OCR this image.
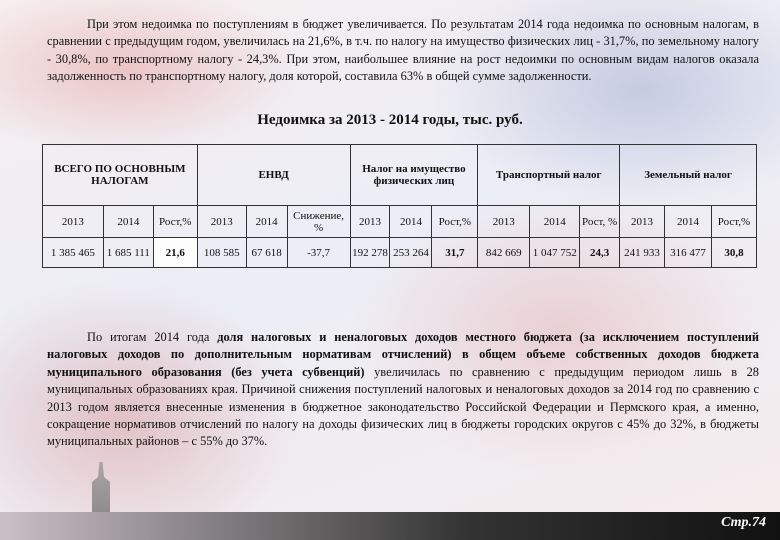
При этом недоимка по поступлениям в бюджет увеличивается. По результатам 2014 года недоимка по основным налогам, в сравнении с предыдущим годом, увеличилась на 21,6%, в т.ч. по налогу на имущество физических лиц - 31,7%, по земельному налогу - 30,8%, по транспортному налогу - 24,3%. При этом, наибольшее влияние на рост недоимки по основным видам налогов оказала задолженность по транспортному налогу, доля которой, составила 63% в общей сумме задолженности.

Недоимка за 2013 - 2014 годы, тыс. руб.
ВСЕГО ПО ОСНОВНЫМ НАЛОГАМ			ЕНВД			Налог на имущество физических лиц			Транспортный налог			Земельный налог		
2013	2014	Рост,%	2013	2014	Снижение, %	2013	2014	Рост,%	2013	2014	Рост, %	2013	2014	Рост,%
1 385 465	1 685 111	21,6	108 585	67 618	-37,7	192 278	253 264	31,7	842 669	1 047 752	24,3	241 933	316 477	30,8

По итогам 2014 года доля налоговых и неналоговых доходов местного бюджета (за исключением поступлений налоговых доходов по дополнительным нормативам отчислений) в общем объеме собственных доходов бюджета муниципального образования (без учета субвенций) увеличилась по сравнению с предыдущим периодом лишь в 28 муниципальных образованиях края. Причиной снижения поступлений налоговых и неналоговых доходов за 2014 год по сравнению с 2013 годом является внесенные изменения в бюджетное законодательство Российской Федерации и Пермского края, а именно, сокращение нормативов отчислений по налогу на доходы физических лиц в бюджеты городских округов с 45% до 32%, в бюджеты муниципальных районов – с 55% до 37%.

Стр.74
